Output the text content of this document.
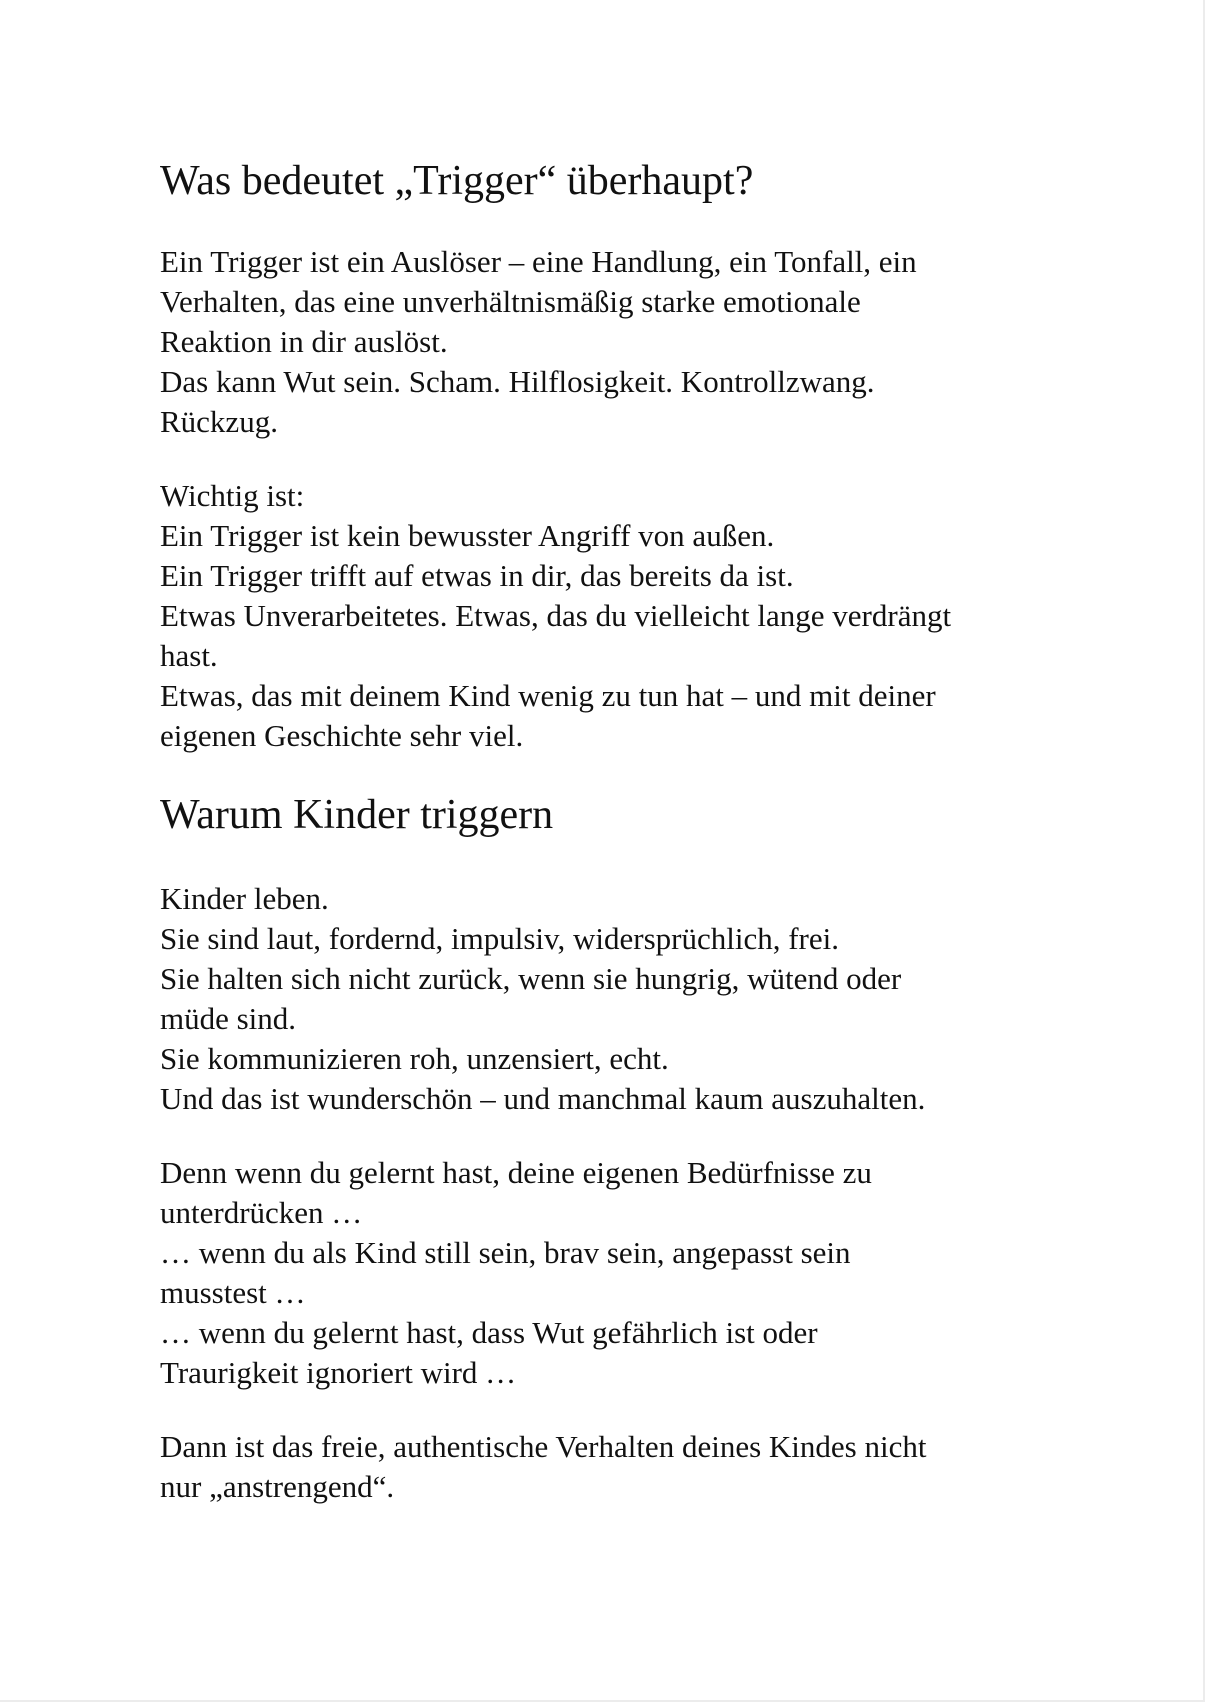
Was bedeutet „Trigger“ überhaupt?

Ein Trigger ist ein Auslöser – eine Handlung, ein Tonfall, ein
Verhalten, das eine unverhältnismäßig starke emotionale
Reaktion in dir auslöst.
Das kann Wut sein. Scham. Hilflosigkeit. Kontrollzwang.
Rückzug.

Wichtig ist:
Ein Trigger ist kein bewusster Angriff von außen.
Ein Trigger trifft auf etwas in dir, das bereits da ist.
Etwas Unverarbeitetes. Etwas, das du vielleicht lange verdrängt
hast.
Etwas, das mit deinem Kind wenig zu tun hat – und mit deiner
eigenen Geschichte sehr viel.

Warum Kinder triggern

Kinder leben.
Sie sind laut, fordernd, impulsiv, widersprüchlich, frei.
Sie halten sich nicht zurück, wenn sie hungrig, wütend oder
müde sind.
Sie kommunizieren roh, unzensiert, echt.
Und das ist wunderschön – und manchmal kaum auszuhalten.

Denn wenn du gelernt hast, deine eigenen Bedürfnisse zu
unterdrücken …
… wenn du als Kind still sein, brav sein, angepasst sein
musstest …
… wenn du gelernt hast, dass Wut gefährlich ist oder
Traurigkeit ignoriert wird …

Dann ist das freie, authentische Verhalten deines Kindes nicht
nur „anstrengend“.
